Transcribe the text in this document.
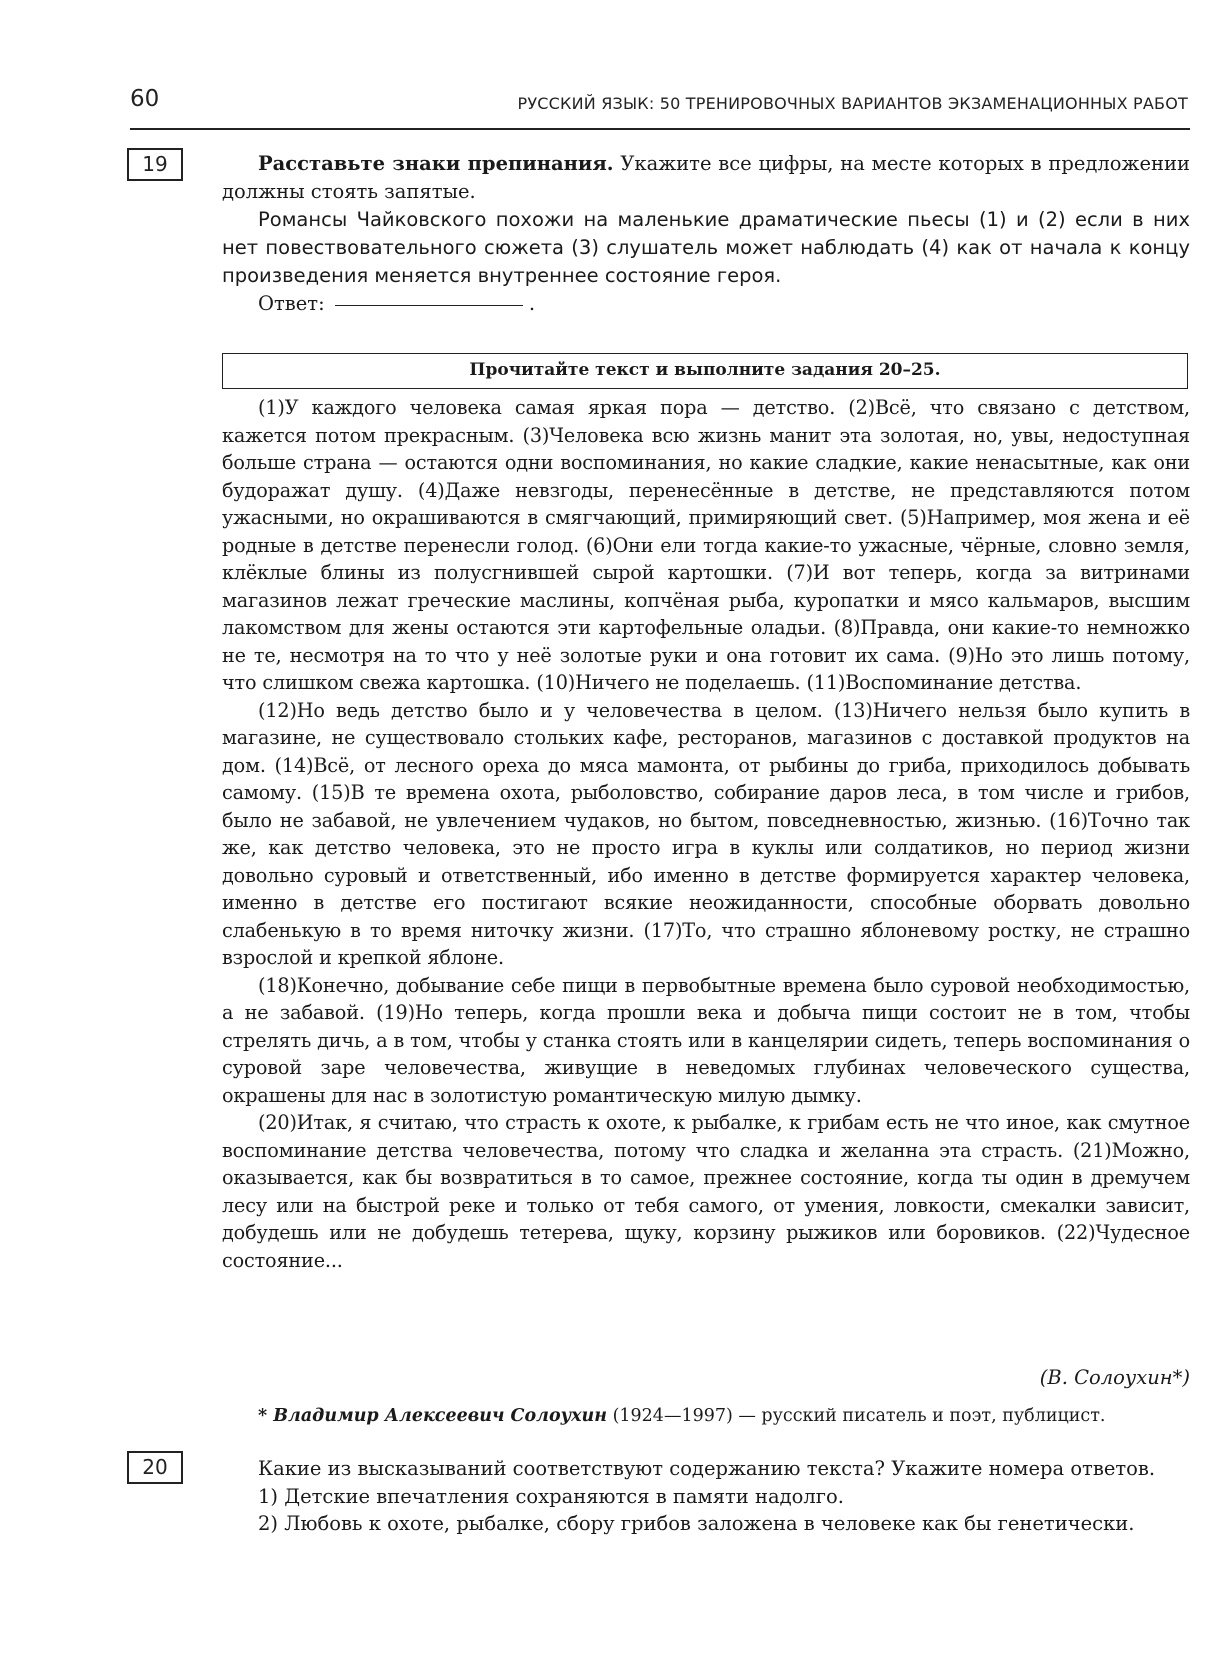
60	РУССКИЙ ЯЗЫК: 50 ТРЕНИРОВОЧНЫХ ВАРИАНТОВ ЭКЗАМЕНАЦИОННЫХ РАБОТ
19	Расставьте знаки препинания. Укажите все цифры, на месте которых в предложении должны стоять запятые.

Романсы Чайковского похожи на маленькие драматические пьесы (1) и (2) если в них нет повествовательного сюжета (3) слушатель может наблюдать (4) как от начала к концу произведения меняется внутреннее состояние героя.

Ответ:	.

Прочитайте текст и выполните задания 20–25.

(1)У каждого человека самая яркая пора — детство. (2)Всё, что связано с детством, кажется потом прекрасным. (3)Человека всю жизнь манит эта золотая, но, увы, недоступная больше страна — остаются одни воспоминания, но какие сладкие, какие ненасытные, как они будоражат душу. (4)Даже невзгоды, перенесённые в детстве, не представляются потом ужасными, но окрашиваются в смягчающий, примиряющий свет. (5)Например, моя жена и её родные в детстве перенесли голод. (6)Они ели тогда какие-то ужасные, чёрные, словно земля, клёклые блины из полусгнившей сырой картошки. (7)И вот теперь, когда за витринами магазинов лежат греческие маслины, копчёная рыба, куропатки и мясо кальмаров, высшим лакомством для жены остаются эти картофельные оладьи. (8)Правда, они какие-то немножко не те, несмотря на то что у неё золотые руки и она готовит их сама. (9)Но это лишь потому, что слишком свежа картошка. (10)Ничего не поделаешь. (11)Воспоминание детства.

(12)Но ведь детство было и у человечества в целом. (13)Ничего нельзя было купить в магазине, не существовало стольких кафе, ресторанов, магазинов с доставкой продуктов на дом. (14)Всё, от лесного ореха до мяса мамонта, от рыбины до гриба, приходилось добывать самому. (15)В те времена охота, рыболовство, собирание даров леса, в том числе и грибов, было не забавой, не увлечением чудаков, но бытом, повседневностью, жизнью. (16)Точно так же, как детство человека, это не просто игра в куклы или солдатиков, но период жизни довольно суровый и ответственный, ибо именно в детстве формируется характер человека, именно в детстве его постигают всякие неожиданности, способные оборвать довольно слабенькую в то время ниточку жизни. (17)То, что страшно яблоневому ростку, не страшно взрослой и крепкой яблоне.

(18)Конечно, добывание себе пищи в первобытные времена было суровой необходимостью, а не забавой. (19)Но теперь, когда прошли века и добыча пищи состоит не в том, чтобы стрелять дичь, а в том, чтобы у станка стоять или в канцелярии сидеть, теперь воспоминания о суровой заре человечества, живущие в неведомых глубинах человеческого существа, окрашены для нас в золотистую романтическую милую дымку.

(20)Итак, я считаю, что страсть к охоте, к рыбалке, к грибам есть не что иное, как смутное воспоминание детства человечества, потому что сладка и желанна эта страсть. (21)Можно, оказывается, как бы возвратиться в то самое, прежнее состояние, когда ты один в дремучем лесу или на быстрой реке и только от тебя самого, от умения, ловкости, смекалки зависит, добудешь или не добудешь тетерева, щуку, корзину рыжиков или боровиков. (22)Чудесное состояние...

(В. Солоухин*)
* Владимир Алексеевич Солоухин (1924—1997) — русский писатель и поэт, публицист.
20	Какие из высказываний соответствуют содержанию текста? Укажите номера ответов.

1) Детские впечатления сохраняются в памяти надолго.

2) Любовь к охоте, рыбалке, сбору грибов заложена в человеке как бы генетически.
